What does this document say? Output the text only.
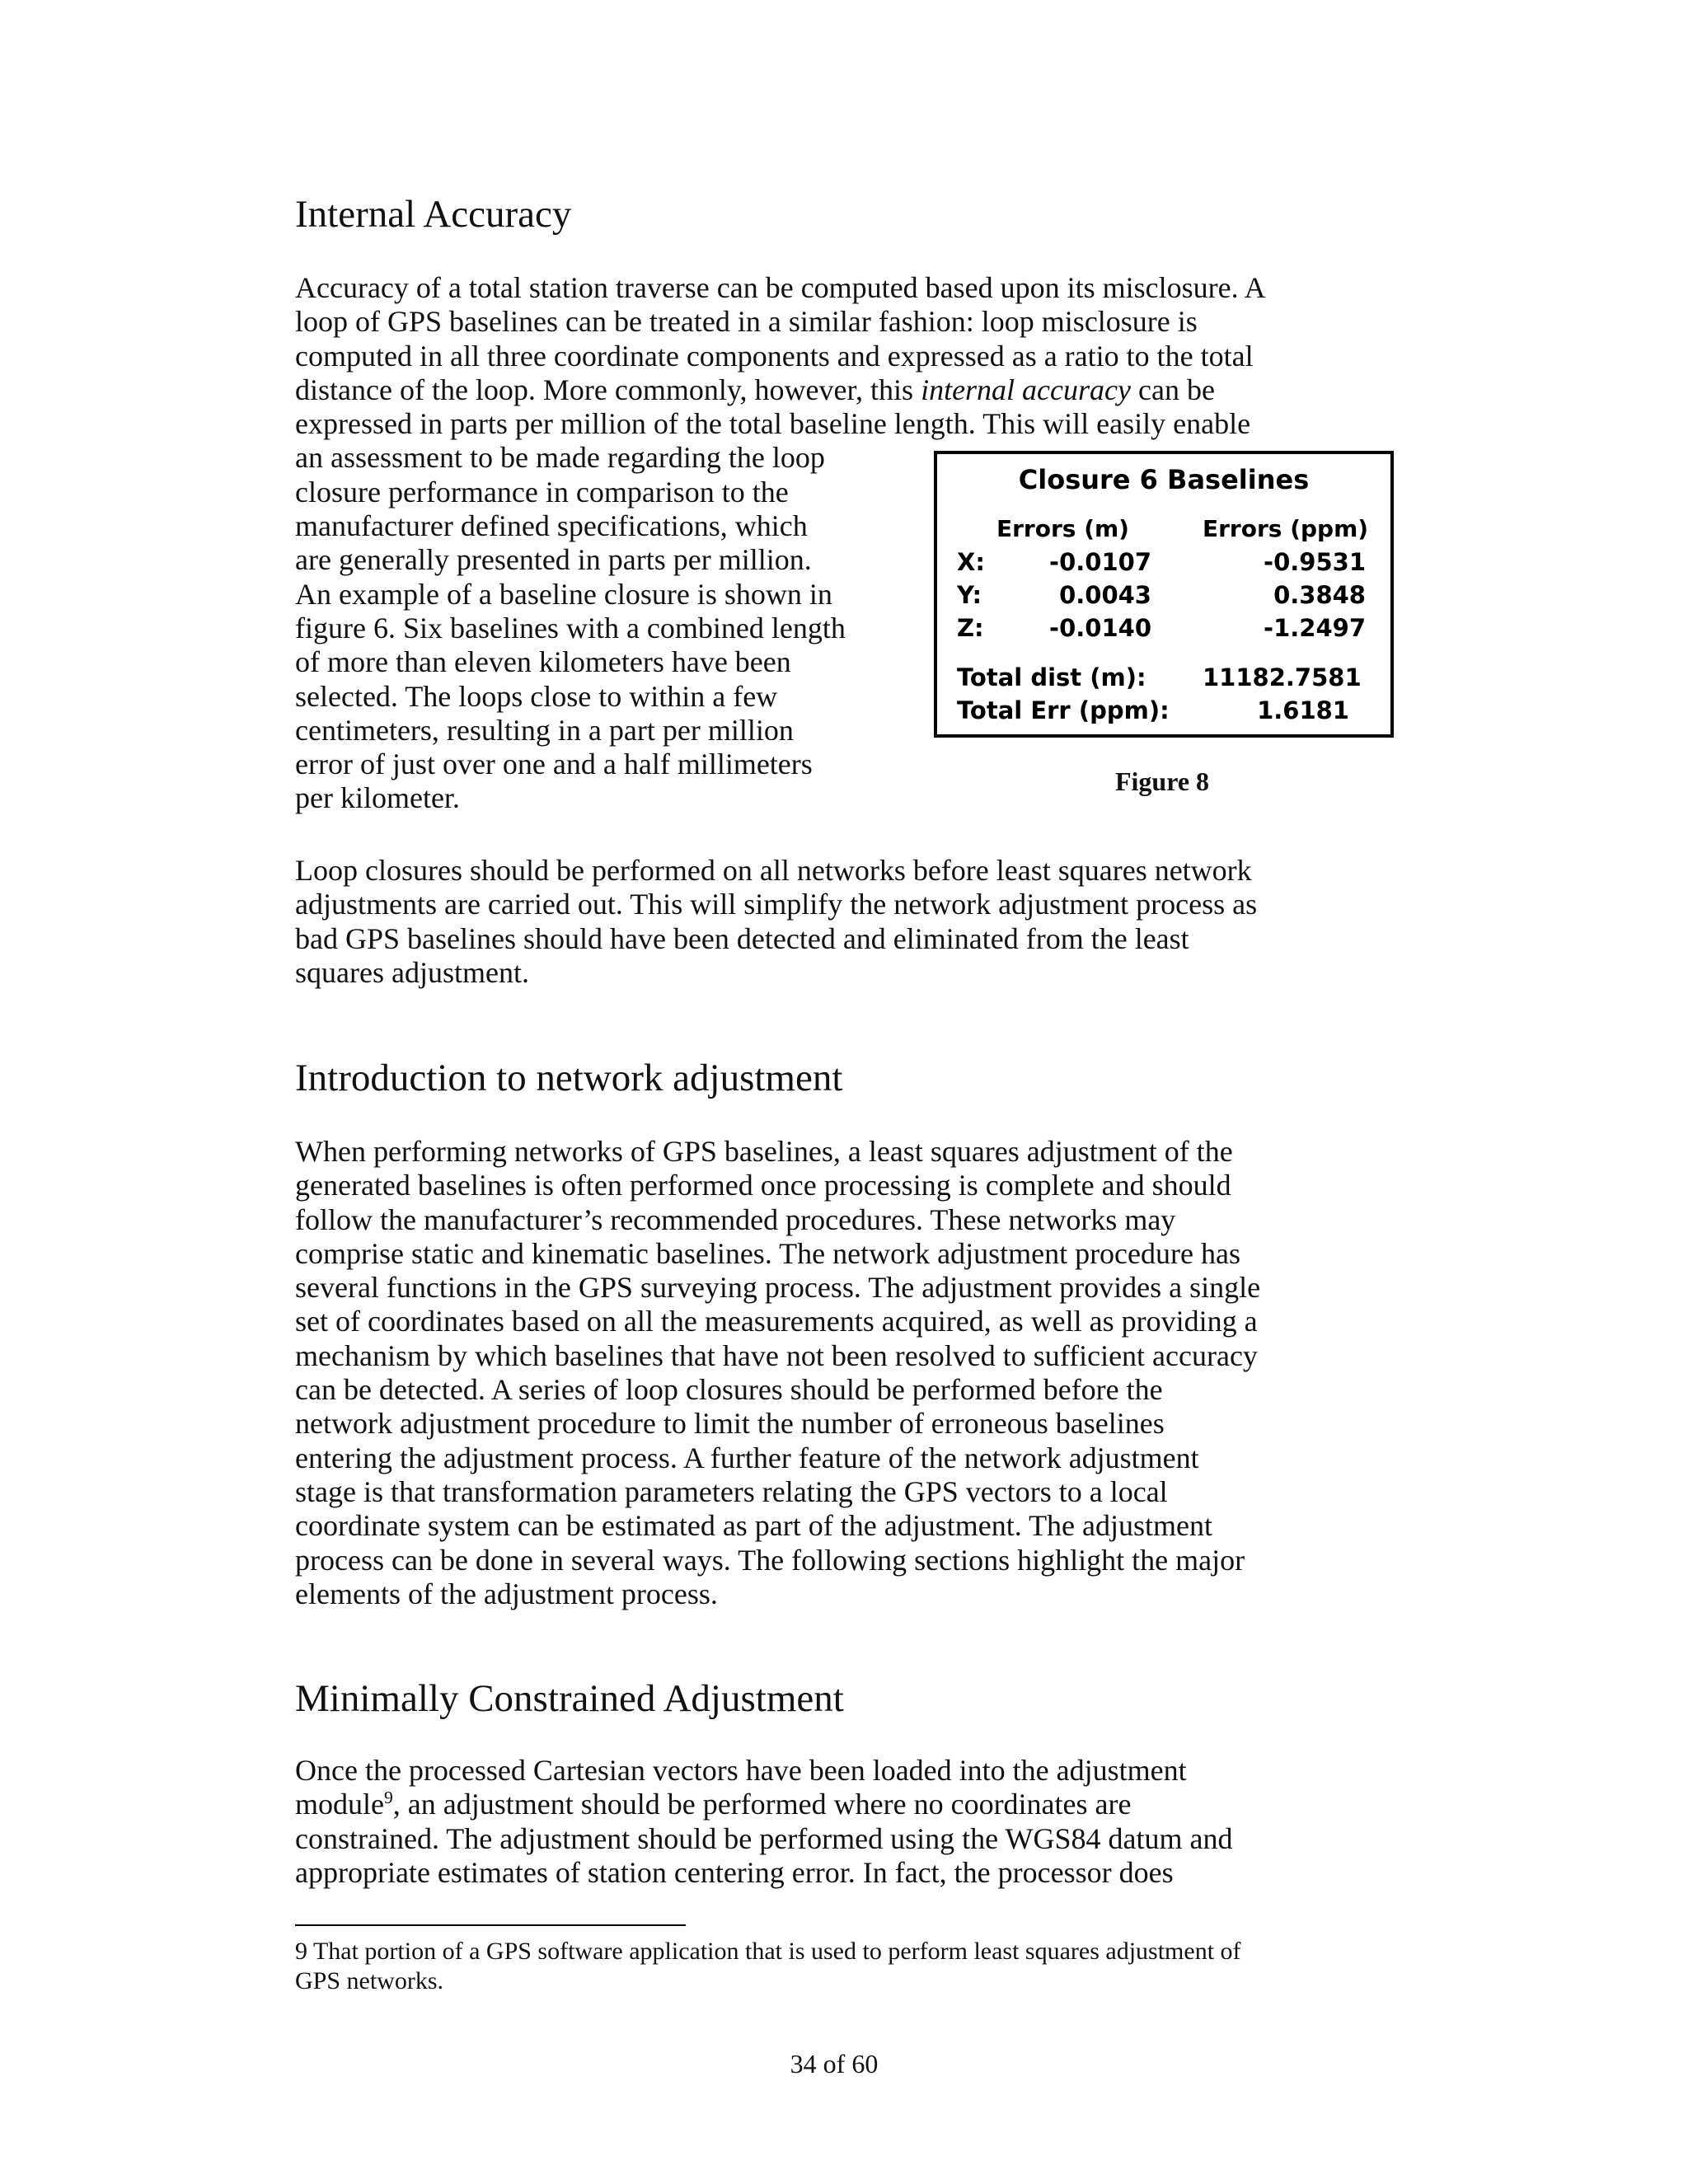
Internal Accuracy
Accuracy of a total station traverse can be computed based upon its misclosure. A
loop of GPS baselines can be treated in a similar fashion: loop misclosure is
computed in all three coordinate components and expressed as a ratio to the total
distance of the loop. More commonly, however, this internal accuracy can be
expressed in parts per million of the total baseline length. This will easily enable
an assessment to be made regarding the loop
closure performance in comparison to the
manufacturer defined specifications, which
are generally presented in parts per million.
An example of a baseline closure is shown in
figure 6. Six baselines with a combined length
of more than eleven kilometers have been
selected. The loops close to within a few
centimeters, resulting in a part per million
error of just over one and a half millimeters
per kilometer.
Closure 6 Baselines
Errors (m)	Errors (ppm)
X:	-0.0107	-0.9531
Y:	0.0043	0.3848
Z:	-0.0140	-1.2497
Total dist (m): 11182.7581
Total Err (ppm):	1.6181
Figure 8
Loop closures should be performed on all networks before least squares network
adjustments are carried out. This will simplify the network adjustment process as
bad GPS baselines should have been detected and eliminated from the least
squares adjustment.
Introduction to network adjustment
When performing networks of GPS baselines, a least squares adjustment of the
generated baselines is often performed once processing is complete and should
follow the manufacturer’s recommended procedures. These networks may
comprise static and kinematic baselines. The network adjustment procedure has
several functions in the GPS surveying process. The adjustment provides a single
set of coordinates based on all the measurements acquired, as well as providing a
mechanism by which baselines that have not been resolved to sufficient accuracy
can be detected. A series of loop closures should be performed before the
network adjustment procedure to limit the number of erroneous baselines
entering the adjustment process. A further feature of the network adjustment
stage is that transformation parameters relating the GPS vectors to a local
coordinate system can be estimated as part of the adjustment. The adjustment
process can be done in several ways. The following sections highlight the major
elements of the adjustment process.
Minimally Constrained Adjustment
Once the processed Cartesian vectors have been loaded into the adjustment
module$^9$, an adjustment should be performed where no coordinates are
constrained. The adjustment should be performed using the WGS84 datum and
appropriate estimates of station centering error. In fact, the processor does
9 That portion of a GPS software application that is used to perform least squares adjustment of
GPS networks.
34 of 60
